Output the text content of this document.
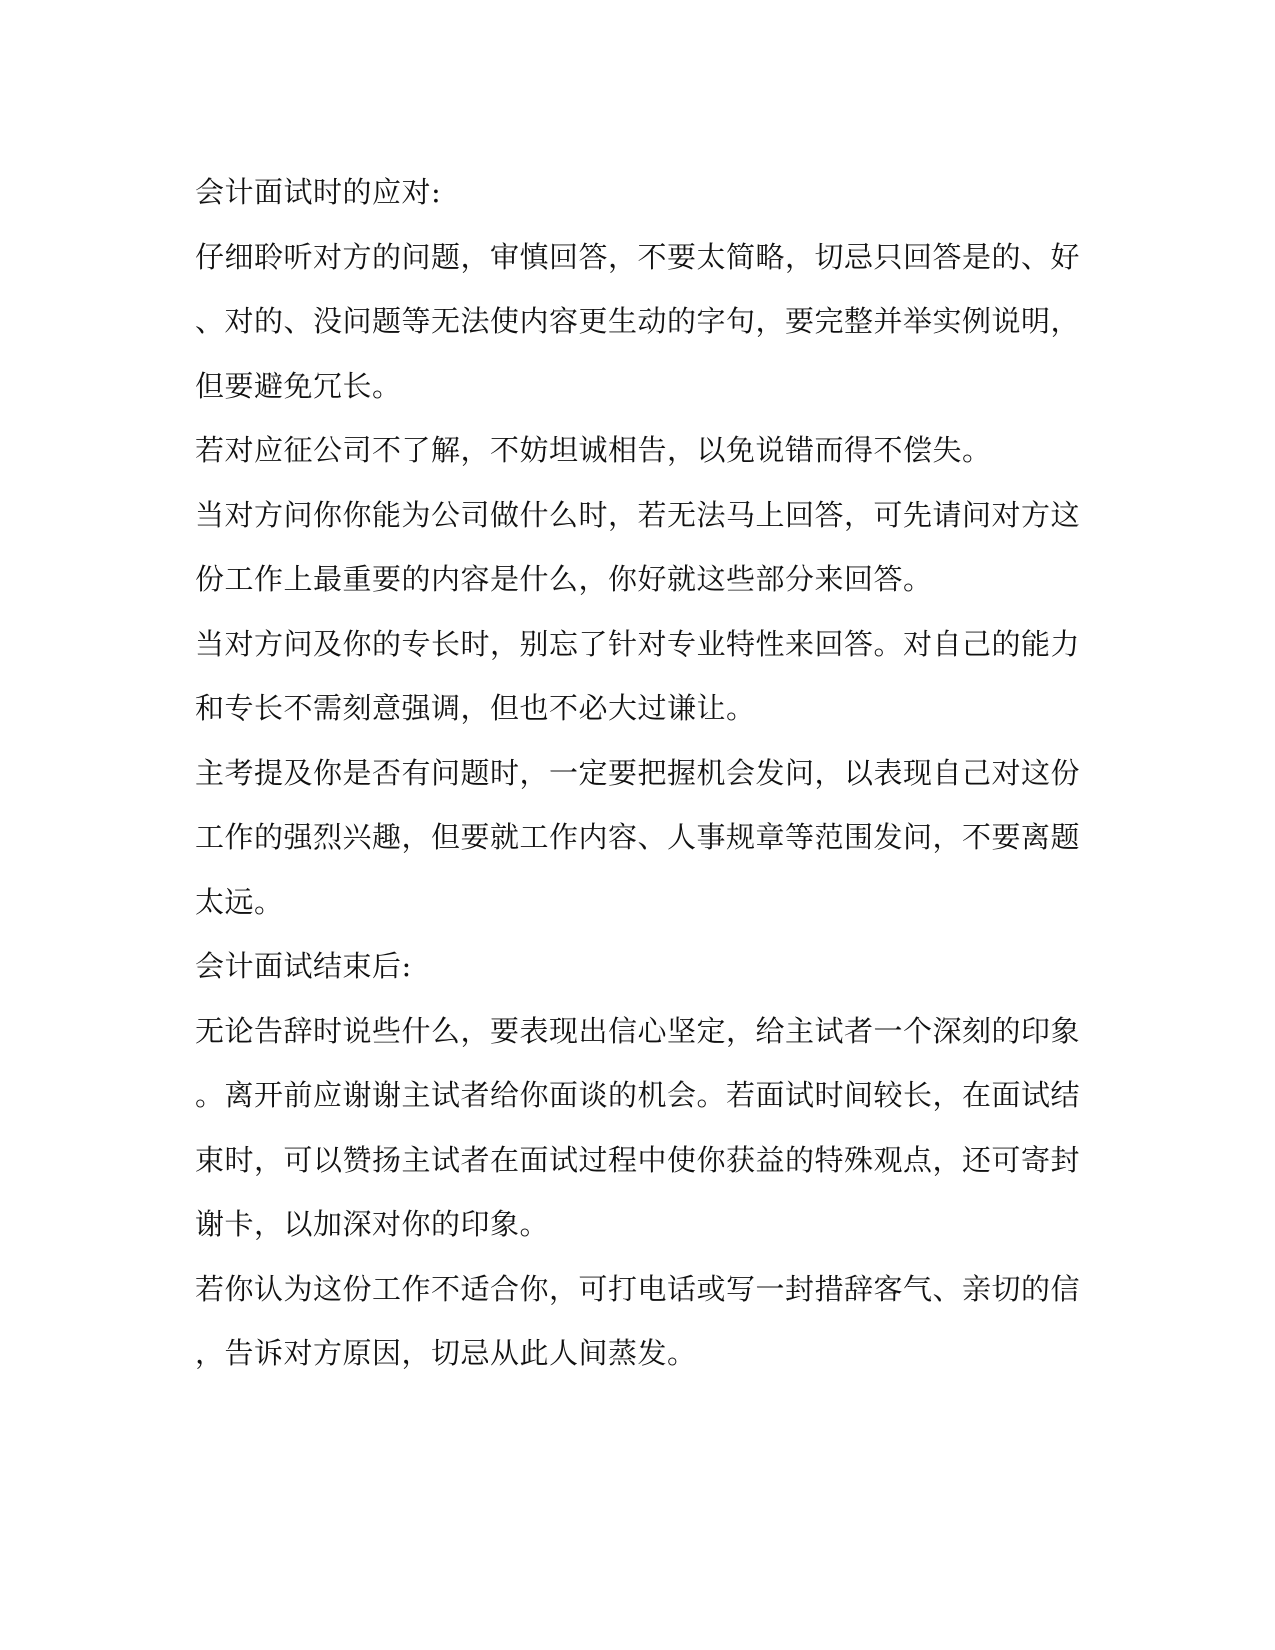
会计面试时的应对:
仔细聆听对方的问题，审慎回答，不要太简略，切忌只回答是的、好
、对的、没问题等无法使内容更生动的字句，要完整并举实例说明，
但要避免冗长。
若对应征公司不了解，不妨坦诚相告，以免说错而得不偿失。
当对方问你你能为公司做什么时，若无法马上回答，可先请问对方这
份工作上最重要的内容是什么，你好就这些部分来回答。
当对方问及你的专长时，别忘了针对专业特性来回答。对自己的能力
和专长不需刻意强调，但也不必大过谦让。
主考提及你是否有问题时，一定要把握机会发问，以表现自己对这份
工作的强烈兴趣，但要就工作内容、人事规章等范围发问，不要离题
太远。
会计面试结束后:
无论告辞时说些什么，要表现出信心坚定，给主试者一个深刻的印象
。离开前应谢谢主试者给你面谈的机会。若面试时间较长，在面试结
束时，可以赞扬主试者在面试过程中使你获益的特殊观点，还可寄封
谢卡，以加深对你的印象。
若你认为这份工作不适合你，可打电话或写一封措辞客气、亲切的信
，告诉对方原因，切忌从此人间蒸发。
